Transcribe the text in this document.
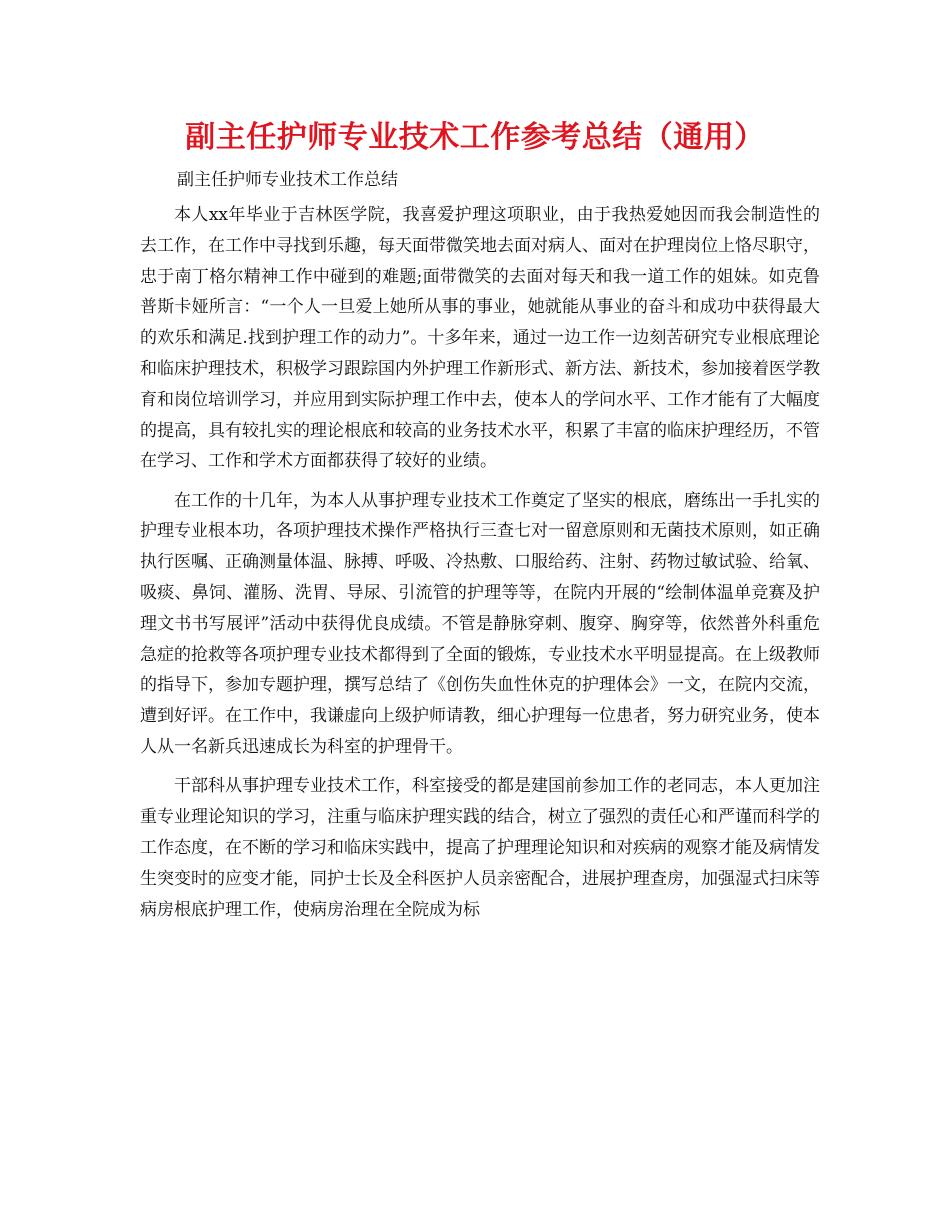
副主任护师专业技术工作参考总结（通用）

副主任护师专业技术工作总结

本人xx年毕业于吉林医学院，我喜爱护理这项职业，由于我热爱她因而我会制造性的去工作，在工作中寻找到乐趣，每天面带微笑地去面对病人、面对在护理岗位上恪尽职守，忠于南丁格尔精神工作中碰到的难题;面带微笑的去面对每天和我一道工作的姐妹。如克鲁普斯卡娅所言：“一个人一旦爱上她所从事的事业，她就能从事业的奋斗和成功中获得最大的欢乐和满足.找到护理工作的动力”。十多年来，通过一边工作一边刻苦研究专业根底理论和临床护理技术，积极学习跟踪国内外护理工作新形式、新方法、新技术，参加接着医学教育和岗位培训学习，并应用到实际护理工作中去，使本人的学问水平、工作才能有了大幅度的提高，具有较扎实的理论根底和较高的业务技术水平，积累了丰富的临床护理经历，不管在学习、工作和学术方面都获得了较好的业绩。

在工作的十几年，为本人从事护理专业技术工作奠定了坚实的根底，磨练出一手扎实的护理专业根本功，各项护理技术操作严格执行三查七对一留意原则和无菌技术原则，如正确执行医嘱、正确测量体温、脉搏、呼吸、冷热敷、口服给药、注射、药物过敏试验、给氧、吸痰、鼻饲、灌肠、洗胃、导尿、引流管的护理等等，在院内开展的“绘制体温单竞赛及护理文书书写展评”活动中获得优良成绩。不管是静脉穿刺、腹穿、胸穿等，依然普外科重危急症的抢救等各项护理专业技术都得到了全面的锻炼，专业技术水平明显提高。在上级教师的指导下，参加专题护理，撰写总结了《创伤失血性休克的护理体会》一文，在院内交流，遭到好评。在工作中，我谦虚向上级护师请教，细心护理每一位患者，努力研究业务，使本人从一名新兵迅速成长为科室的护理骨干。

干部科从事护理专业技术工作，科室接受的都是建国前参加工作的老同志，本人更加注重专业理论知识的学习，注重与临床护理实践的结合，树立了强烈的责任心和严谨而科学的工作态度，在不断的学习和临床实践中，提高了护理理论知识和对疾病的观察才能及病情发生突变时的应变才能，同护士长及全科医护人员亲密配合，进展护理查房，加强湿式扫床等病房根底护理工作，使病房治理在全院成为标
